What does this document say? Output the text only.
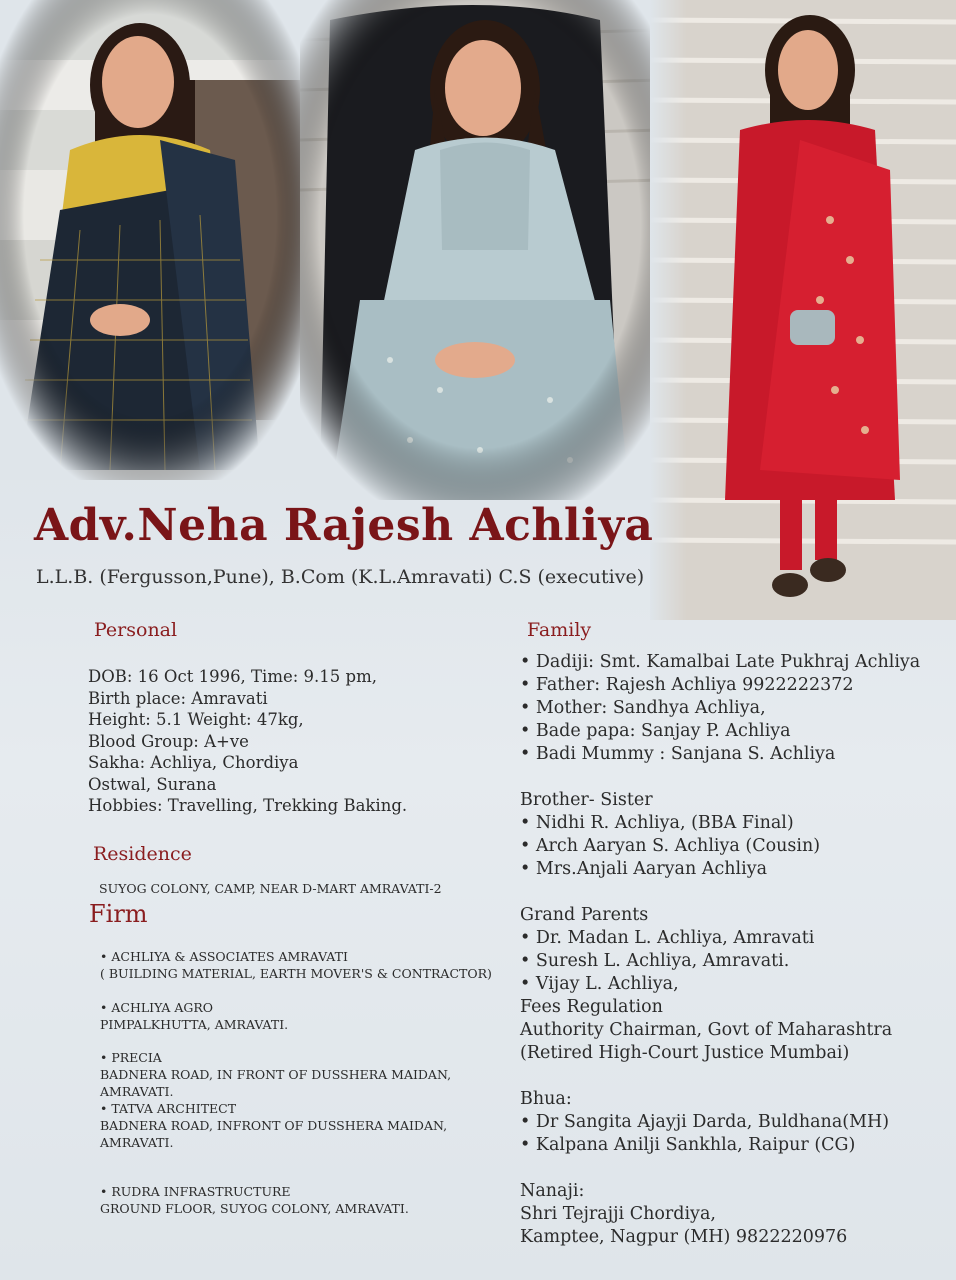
Adv.Neha Rajesh Achliya
L.L.B. (Fergusson,Pune), B.Com (K.L.Amravati) C.S (executive)
Personal
DOB: 16 Oct 1996, Time: 9.15 pm,
Birth place: Amravati
Height: 5.1 Weight: 47kg,
Blood Group: A+ve
Sakha: Achliya, Chordiya
Ostwal, Surana
Hobbies: Travelling, Trekking Baking.
Residence
SUYOG COLONY, CAMP, NEAR D-MART AMRAVATI-2
Firm
• ACHLIYA & ASSOCIATES AMRAVATI
( BUILDING MATERIAL, EARTH MOVER'S & CONTRACTOR)
• ACHLIYA AGRO
PIMPALKHUTTA, AMRAVATI.
• PRECIA
BADNERA ROAD, IN FRONT OF DUSSHERA MAIDAN,
AMRAVATI.
• TATVA ARCHITECT
BADNERA ROAD, INFRONT OF DUSSHERA MAIDAN,
AMRAVATI.
• RUDRA INFRASTRUCTURE
GROUND FLOOR, SUYOG COLONY, AMRAVATI.
Family
• Dadiji: Smt. Kamalbai Late Pukhraj Achliya
• Father: Rajesh Achliya 9922222372
• Mother: Sandhya Achliya,
• Bade papa: Sanjay P. Achliya
• Badi Mummy : Sanjana S. Achliya
Brother- Sister
• Nidhi R. Achliya, (BBA Final)
• Arch Aaryan S. Achliya (Cousin)
• Mrs.Anjali Aaryan Achliya
Grand Parents
• Dr. Madan L. Achliya, Amravati
• Suresh L. Achliya, Amravati.
• Vijay L. Achliya,
Fees Regulation
Authority Chairman, Govt of Maharashtra
(Retired High-Court Justice Mumbai)
Bhua:
• Dr Sangita Ajayji Darda, Buldhana(MH)
• Kalpana Anilji Sankhla, Raipur (CG)
Nanaji:
Shri Tejrajji Chordiya,
Kamptee, Nagpur (MH) 9822220976
